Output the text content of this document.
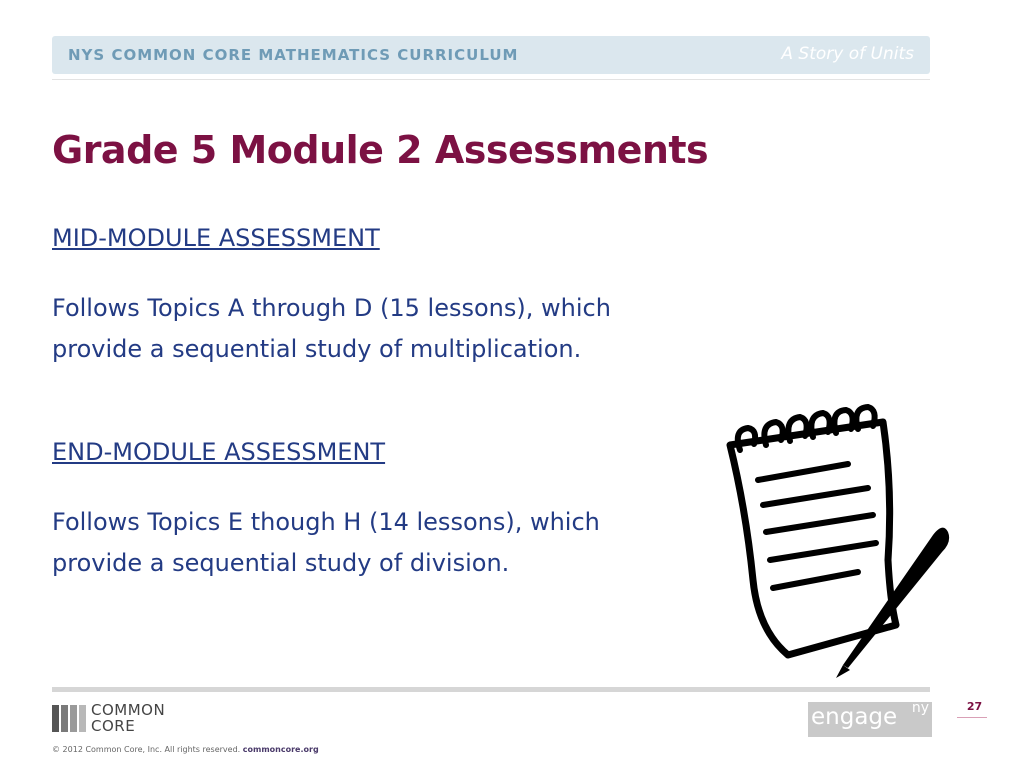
NYS COMMON CORE MATHEMATICS CURRICULUM	A Story of Units
Grade 5 Module 2 Assessments
MID-MODULE ASSESSMENT
Follows Topics A through D (15 lessons), which provide a sequential study of multiplication.
END-MODULE ASSESSMENT
Follows Topics E though H (14 lessons), which provide a sequential study of division.
COMMON
CORE
© 2012 Common Core, Inc. All rights reserved. commoncore.org
engage ny	27
